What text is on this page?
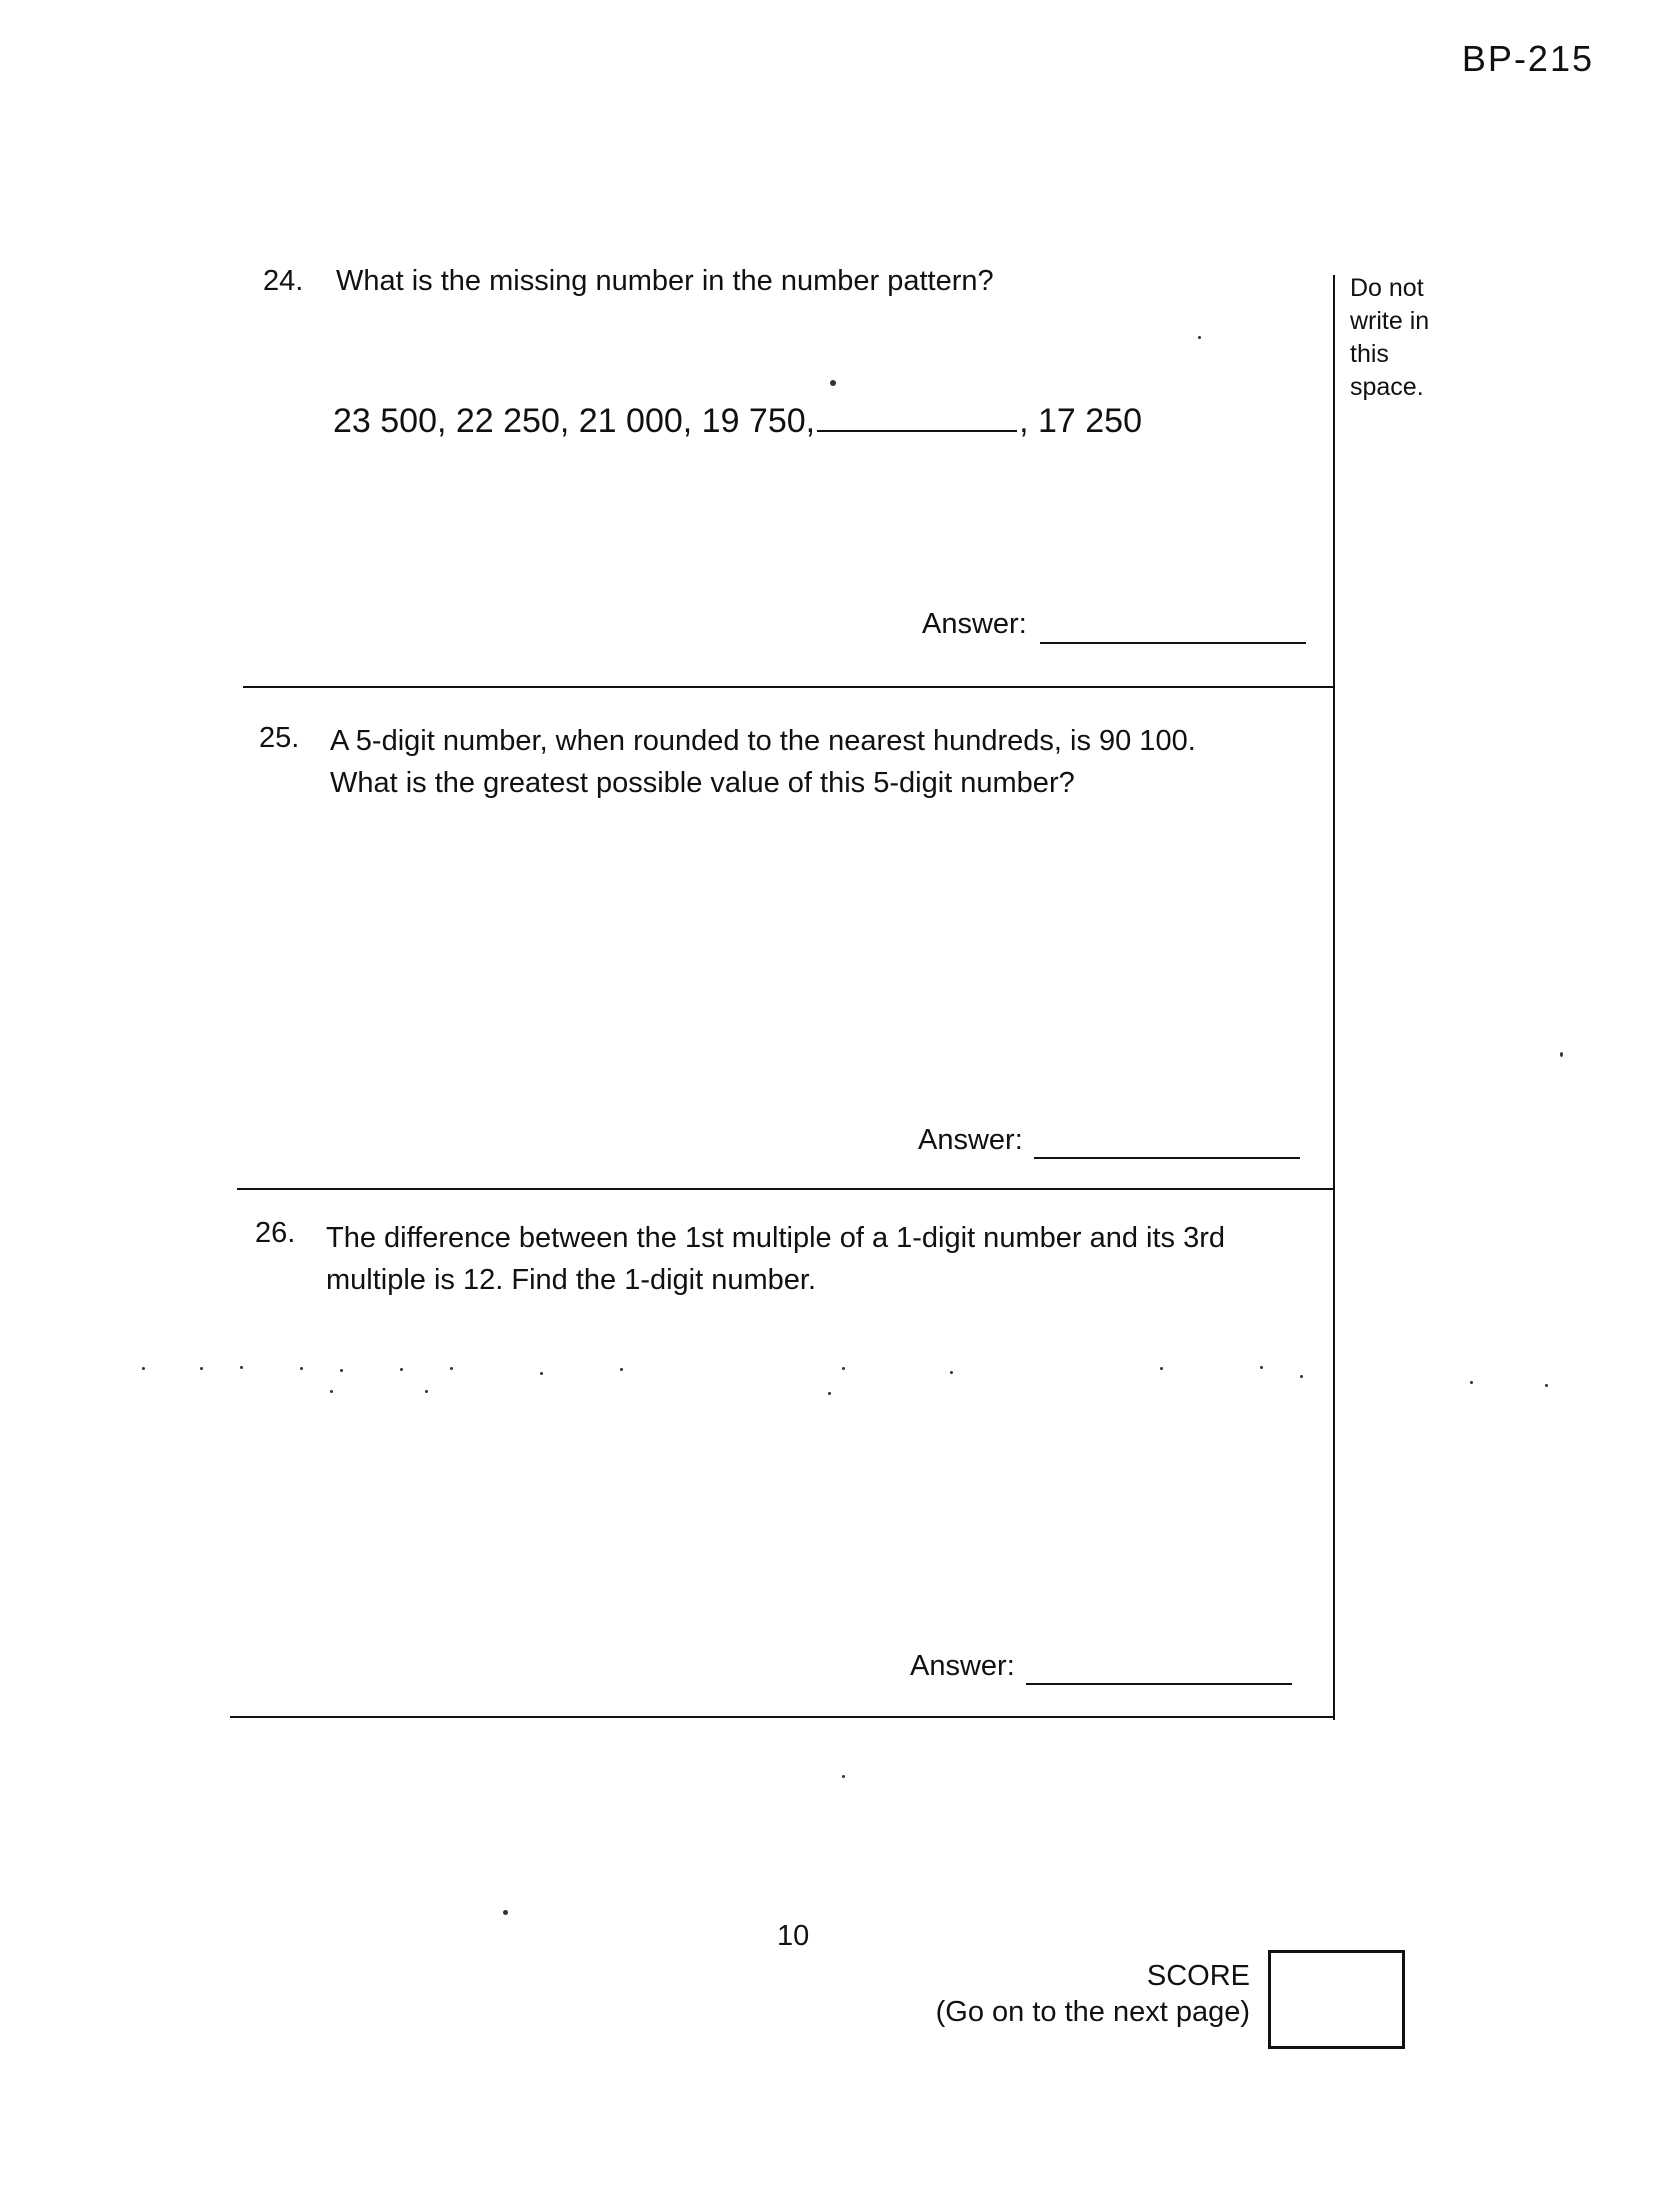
BP-215
Do not
write in
this
space.
24. What is the missing number in the number pattern?
23 500, 22 250, 21 000, 19 750,	, 17 250
Answer:
25. A 5-digit number, when rounded to the nearest hundreds, is 90 100.
What is the greatest possible value of this 5-digit number?
Answer:
26. The difference between the 1st multiple of a 1-digit number and its 3rd
multiple is 12. Find the 1-digit number.
Answer:
10
SCORE
(Go on to the next page)
